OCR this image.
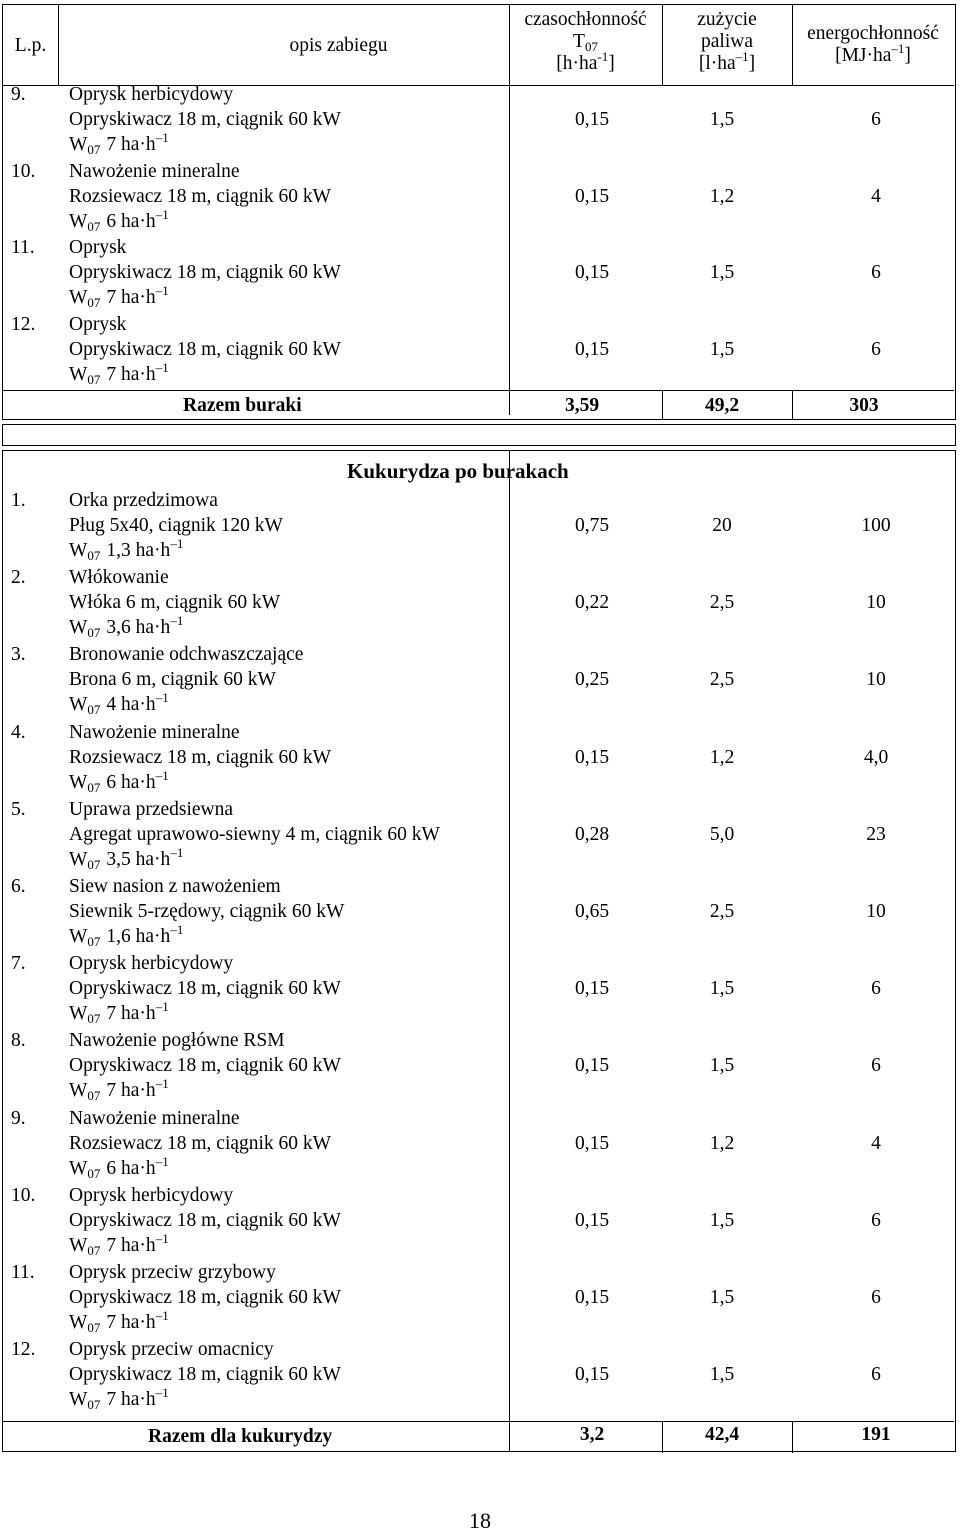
L.p.	opis zabiegu
czasochłonność
$T_{07}$
$[h\cdot ha^{-1}]$
zużycie
paliwa
$[l\cdot ha^{-1}]$
energochłonność
$[MJ\cdot ha^{-1}]$
9. Oprysk herbicydowy
Opryskiwacz 18 m, ciągnik 60 kW
$W_{07}$ 7 $ha\cdot h^{-1}$
0,15	1,5	6
10. Nawożenie mineralne
Rozsiewacz 18 m, ciągnik 60 kW
$W_{07}$ 6 $ha\cdot h^{-1}$
0,15	1,2	4
11. Oprysk
Opryskiwacz 18 m, ciągnik 60 kW
$W_{07}$ 7 $ha\cdot h^{-1}$
0,15	1,5	6
12. Oprysk
Opryskiwacz 18 m, ciągnik 60 kW
$W_{07}$ 7 $ha\cdot h^{-1}$
0,15	1,5	6
Razem buraki	3,59	49,2	303
Kukurydza po burakach
1. Orka przedzimowa
Pług 5x40, ciągnik 120 kW
$W_{07}$ 1,3 $ha\cdot h^{-1}$
0,75	20	100
2. Włókowanie
Włóka 6 m, ciągnik 60 kW
$W_{07}$ 3,6 $ha\cdot h^{-1}$
0,22	2,5	10
3. Bronowanie odchwaszczające
Brona 6 m, ciągnik 60 kW
$W_{07}$ 4 $ha\cdot h^{-1}$
0,25	2,5	10
4. Nawożenie mineralne
Rozsiewacz 18 m, ciągnik 60 kW
$W_{07}$ 6 $ha\cdot h^{-1}$
0,15	1,2	4,0
5. Uprawa przedsiewna
Agregat uprawowo-siewny 4 m, ciągnik 60 kW
$W_{07}$ 3,5 $ha\cdot h^{-1}$
0,28	5,0	23
6. Siew nasion z nawożeniem
Siewnik 5-rzędowy, ciągnik 60 kW
$W_{07}$ 1,6 $ha\cdot h^{-1}$
0,65	2,5	10
7. Oprysk herbicydowy
Opryskiwacz 18 m, ciągnik 60 kW
$W_{07}$ 7 $ha\cdot h^{-1}$
0,15	1,5	6
8. Nawożenie pogłówne RSM
Opryskiwacz 18 m, ciągnik 60 kW
$W_{07}$ 7 $ha\cdot h^{-1}$
0,15	1,5	6
9. Nawożenie mineralne
Rozsiewacz 18 m, ciągnik 60 kW
$W_{07}$ 6 $ha\cdot h^{-1}$
0,15	1,2	4
10. Oprysk herbicydowy
Opryskiwacz 18 m, ciągnik 60 kW
$W_{07}$ 7 $ha\cdot h^{-1}$
0,15	1,5	6
11. Oprysk przeciw grzybowy
Opryskiwacz 18 m, ciągnik 60 kW
$W_{07}$ 7 $ha\cdot h^{-1}$
0,15	1,5	6
12. Oprysk przeciw omacnicy
Opryskiwacz 18 m, ciągnik 60 kW
$W_{07}$ 7 $ha\cdot h^{-1}$
0,15	1,5	6
Razem dla kukurydzy	3,2	42,4	191
18
